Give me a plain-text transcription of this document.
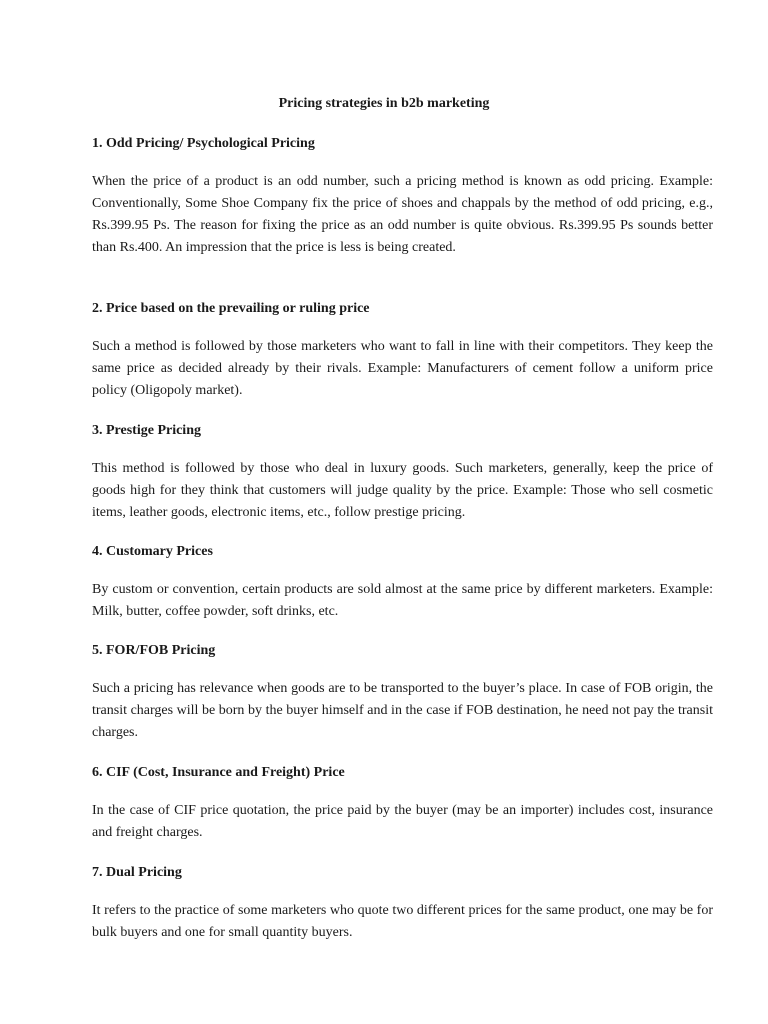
Pricing strategies in b2b marketing

1. Odd Pricing/ Psychological Pricing

When the price of a product is an odd number, such a pricing method is known as odd pricing. Example: Conventionally, Some Shoe Company fix the price of shoes and chappals by the method of odd pricing, e.g., Rs.399.95 Ps. The reason for fixing the price as an odd number is quite obvious. Rs.399.95 Ps sounds better than Rs.400. An impression that the price is less is being created.

2. Price based on the prevailing or ruling price

Such a method is followed by those marketers who want to fall in line with their competitors. They keep the same price as decided already by their rivals. Example: Manufacturers of cement follow a uniform price policy (Oligopoly market).

3. Prestige Pricing

This method is followed by those who deal in luxury goods. Such marketers, generally, keep the price of goods high for they think that customers will judge quality by the price. Example: Those who sell cosmetic items, leather goods, electronic items, etc., follow prestige pricing.

4. Customary Prices

By custom or convention, certain products are sold almost at the same price by different marketers. Example: Milk, butter, coffee powder, soft drinks, etc.

5. FOR/FOB Pricing

Such a pricing has relevance when goods are to be transported to the buyer’s place. In case of FOB origin, the transit charges will be born by the buyer himself and in the case if FOB destination, he need not pay the transit charges.

6. CIF (Cost, Insurance and Freight) Price

In the case of CIF price quotation, the price paid by the buyer (may be an importer) includes cost, insurance and freight charges.

7. Dual Pricing

It refers to the practice of some marketers who quote two different prices for the same product, one may be for bulk buyers and one for small quantity buyers.
